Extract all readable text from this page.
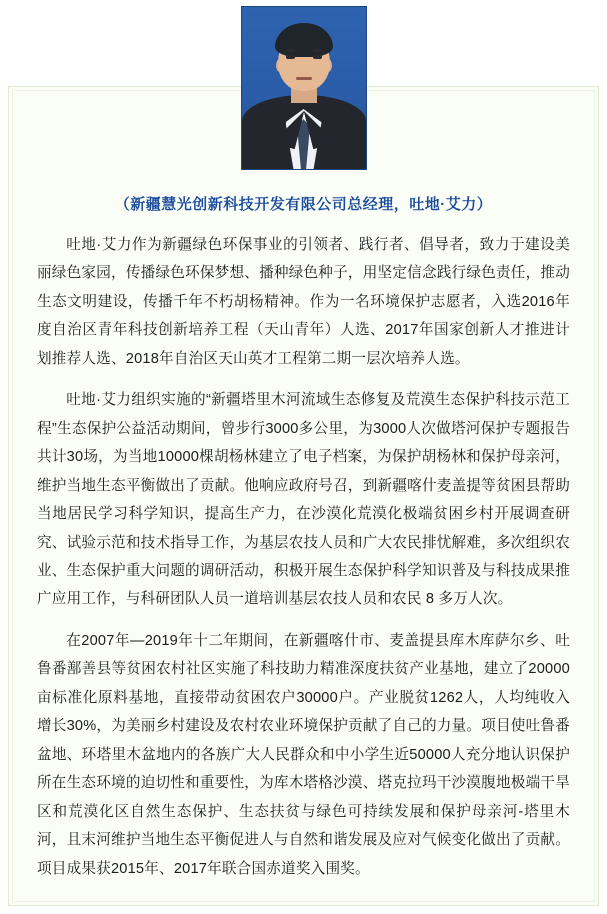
（新疆慧光创新科技开发有限公司总经理，吐地·艾力）

吐地·艾力作为新疆绿色环保事业的引领者、践行者、倡导者，致力于建设美丽绿色家园，传播绿色环保梦想、播种绿色种子，用坚定信念践行绿色责任，推动生态文明建设，传播千年不朽胡杨精神。作为一名环境保护志愿者，入选2016年度自治区青年科技创新培养工程（天山青年）人选、2017年国家创新人才推进计划推荐人选、2018年自治区天山英才工程第二期一层次培养人选。

吐地·艾力组织实施的“新疆塔里木河流域生态修复及荒漠生态保护科技示范工程”生态保护公益活动期间，曾步行3000多公里，为3000人次做塔河保护专题报告共计30场，为当地10000棵胡杨林建立了电子档案，为保护胡杨林和保护母亲河，维护当地生态平衡做出了贡献。他响应政府号召，到新疆喀什麦盖提等贫困县帮助当地居民学习科学知识，提高生产力，在沙漠化荒漠化极端贫困乡村开展调查研究、试验示范和技术指导工作，为基层农技人员和广大农民排忧解难，多次组织农业、生态保护重大问题的调研活动，积极开展生态保护科学知识普及与科技成果推广应用工作，与科研团队人员一道培训基层农技人员和农民 8 多万人次。

在2007年—2019年十二年期间，在新疆喀什市、麦盖提县库木库萨尔乡、吐鲁番鄯善县等贫困农村社区实施了科技助力精准深度扶贫产业基地，建立了20000亩标准化原料基地，直接带动贫困农户30000户。产业脱贫1262人，人均纯收入增长30%，为美丽乡村建设及农村农业环境保护贡献了自己的力量。项目使吐鲁番盆地、环塔里木盆地内的各族广大人民群众和中小学生近50000人充分地认识保护所在生态环境的迫切性和重要性，为库木塔格沙漠、塔克拉玛干沙漠腹地极端干旱区和荒漠化区自然生态保护、生态扶贫与绿色可持续发展和保护母亲河-塔里木河，且末河维护当地生态平衡促进人与自然和谐发展及应对气候变化做出了贡献。项目成果获2015年、2017年联合国赤道奖入围奖。
